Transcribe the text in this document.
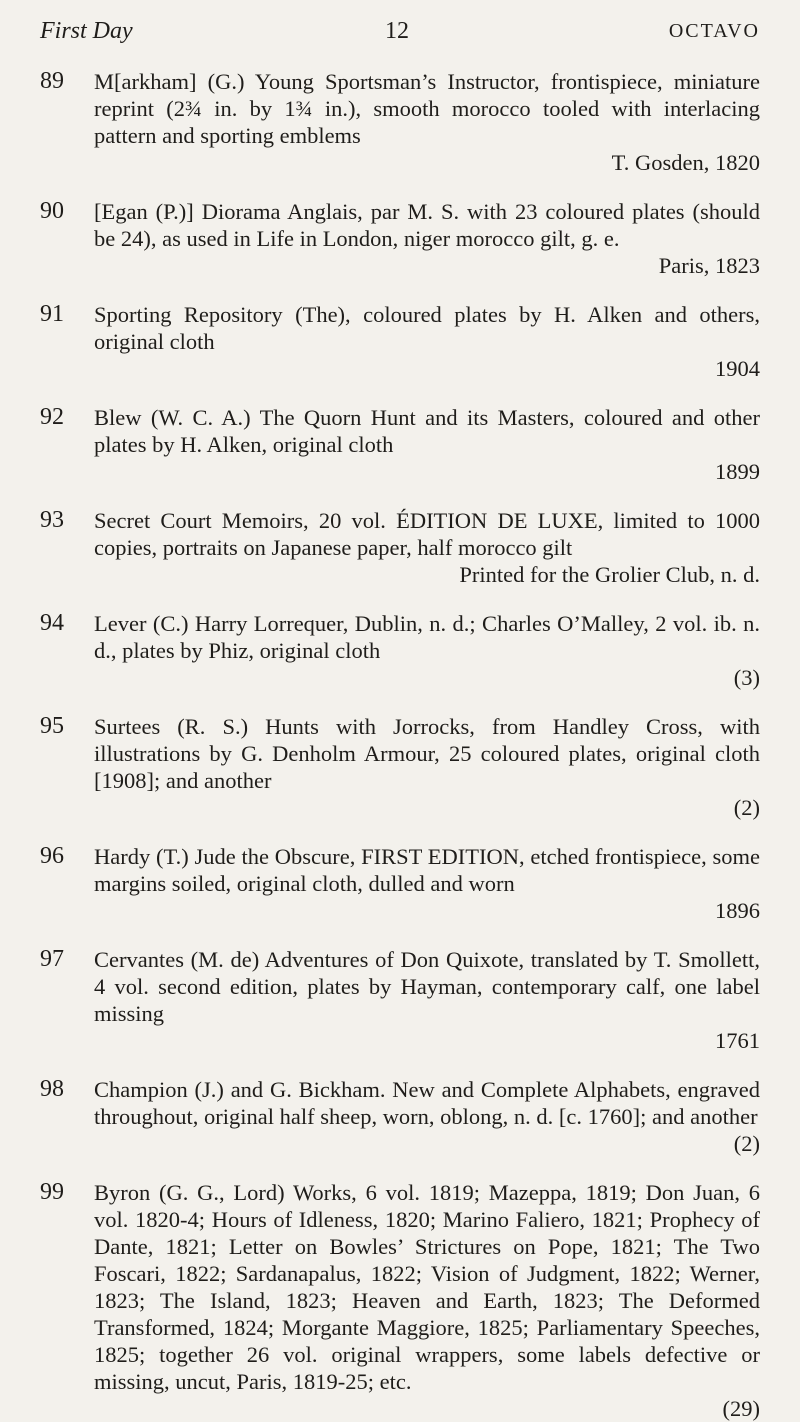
First Day	12	OCTAVO
89	M[arkham] (G.) Young Sportsman’s Instructor, frontispiece, miniature reprint (2¾ in. by 1¾ in.), smooth morocco tooled with interlacing pattern and sporting emblems
T. Gosden, 1820
90	[Egan (P.)] Diorama Anglais, par M. S. with 23 coloured plates (should be 24), as used in Life in London, niger morocco gilt, g. e.
Paris, 1823
91	Sporting Repository (The), coloured plates by H. Alken and others, original cloth
1904
92	Blew (W. C. A.) The Quorn Hunt and its Masters, coloured and other plates by H. Alken, original cloth
1899
93	Secret Court Memoirs, 20 vol. ÉDITION DE LUXE, limited to 1000 copies, portraits on Japanese paper, half morocco gilt
Printed for the Grolier Club, n. d.
94	Lever (C.) Harry Lorrequer, Dublin, n. d.; Charles O’Malley, 2 vol. ib. n. d., plates by Phiz, original cloth
(3)
95	Surtees (R. S.) Hunts with Jorrocks, from Handley Cross, with illustrations by G. Denholm Armour, 25 coloured plates, original cloth [1908]; and another
(2)
96	Hardy (T.) Jude the Obscure, FIRST EDITION, etched frontispiece, some margins soiled, original cloth, dulled and worn
1896
97	Cervantes (M. de) Adventures of Don Quixote, translated by T. Smollett, 4 vol. second edition, plates by Hayman, contemporary calf, one label missing
1761
98	Champion (J.) and G. Bickham. New and Complete Alphabets, engraved throughout, original half sheep, worn, oblong, n. d. [c. 1760]; and another
(2)
99	Byron (G. G., Lord) Works, 6 vol. 1819; Mazeppa, 1819; Don Juan, 6 vol. 1820-4; Hours of Idleness, 1820; Marino Faliero, 1821; Prophecy of Dante, 1821; Letter on Bowles’ Strictures on Pope, 1821; The Two Foscari, 1822; Sardanapalus, 1822; Vision of Judgment, 1822; Werner, 1823; The Island, 1823; Heaven and Earth, 1823; The Deformed Transformed, 1824; Morgante Maggiore, 1825; Parliamentary Speeches, 1825; together 26 vol. original wrappers, some labels defective or missing, uncut, Paris, 1819-25; etc.
(29)
